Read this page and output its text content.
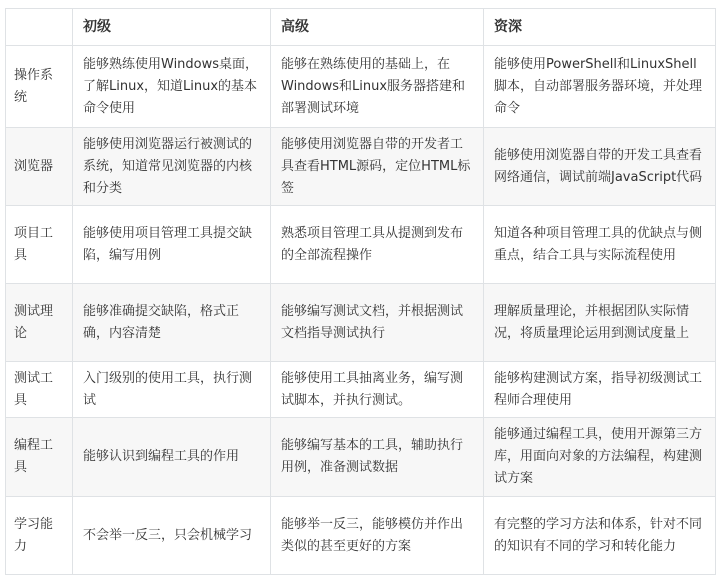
	初级	高级	资深
操作系统	能够熟练使用Windows桌面，了解Linux，知道Linux的基本命令使用	能够在熟练使用的基础上，在Windows和Linux服务器搭建和部署测试环境	能够使用PowerShell和LinuxShell脚本，自动部署服务器环境，并处理命令
浏览器	能够使用浏览器运行被测试的系统，知道常见浏览器的内核和分类	能够使用浏览器自带的开发者工具查看HTML源码，定位HTML标签	能够使用浏览器自带的开发工具查看网络通信，调试前端JavaScript代码
项目工具	能够使用项目管理工具提交缺陷，编写用例	熟悉项目管理工具从提测到发布的全部流程操作	知道各种项目管理工具的优缺点与侧重点，结合工具与实际流程使用
测试理论	能够准确提交缺陷，格式正确，内容清楚	能够编写测试文档，并根据测试文档指导测试执行	理解质量理论，并根据团队实际情况，将质量理论运用到测试度量上
测试工具	入门级别的使用工具，执行测试	能够使用工具抽离业务，编写测试脚本，并执行测试。	能够构建测试方案，指导初级测试工程师合理使用
编程工具	能够认识到编程工具的作用	能够编写基本的工具，辅助执行用例，准备测试数据	能够通过编程工具，使用开源第三方库，用面向对象的方法编程，构建测试方案
学习能力	不会举一反三，只会机械学习	能够举一反三，能够模仿并作出类似的甚至更好的方案	有完整的学习方法和体系，针对不同的知识有不同的学习和转化能力
